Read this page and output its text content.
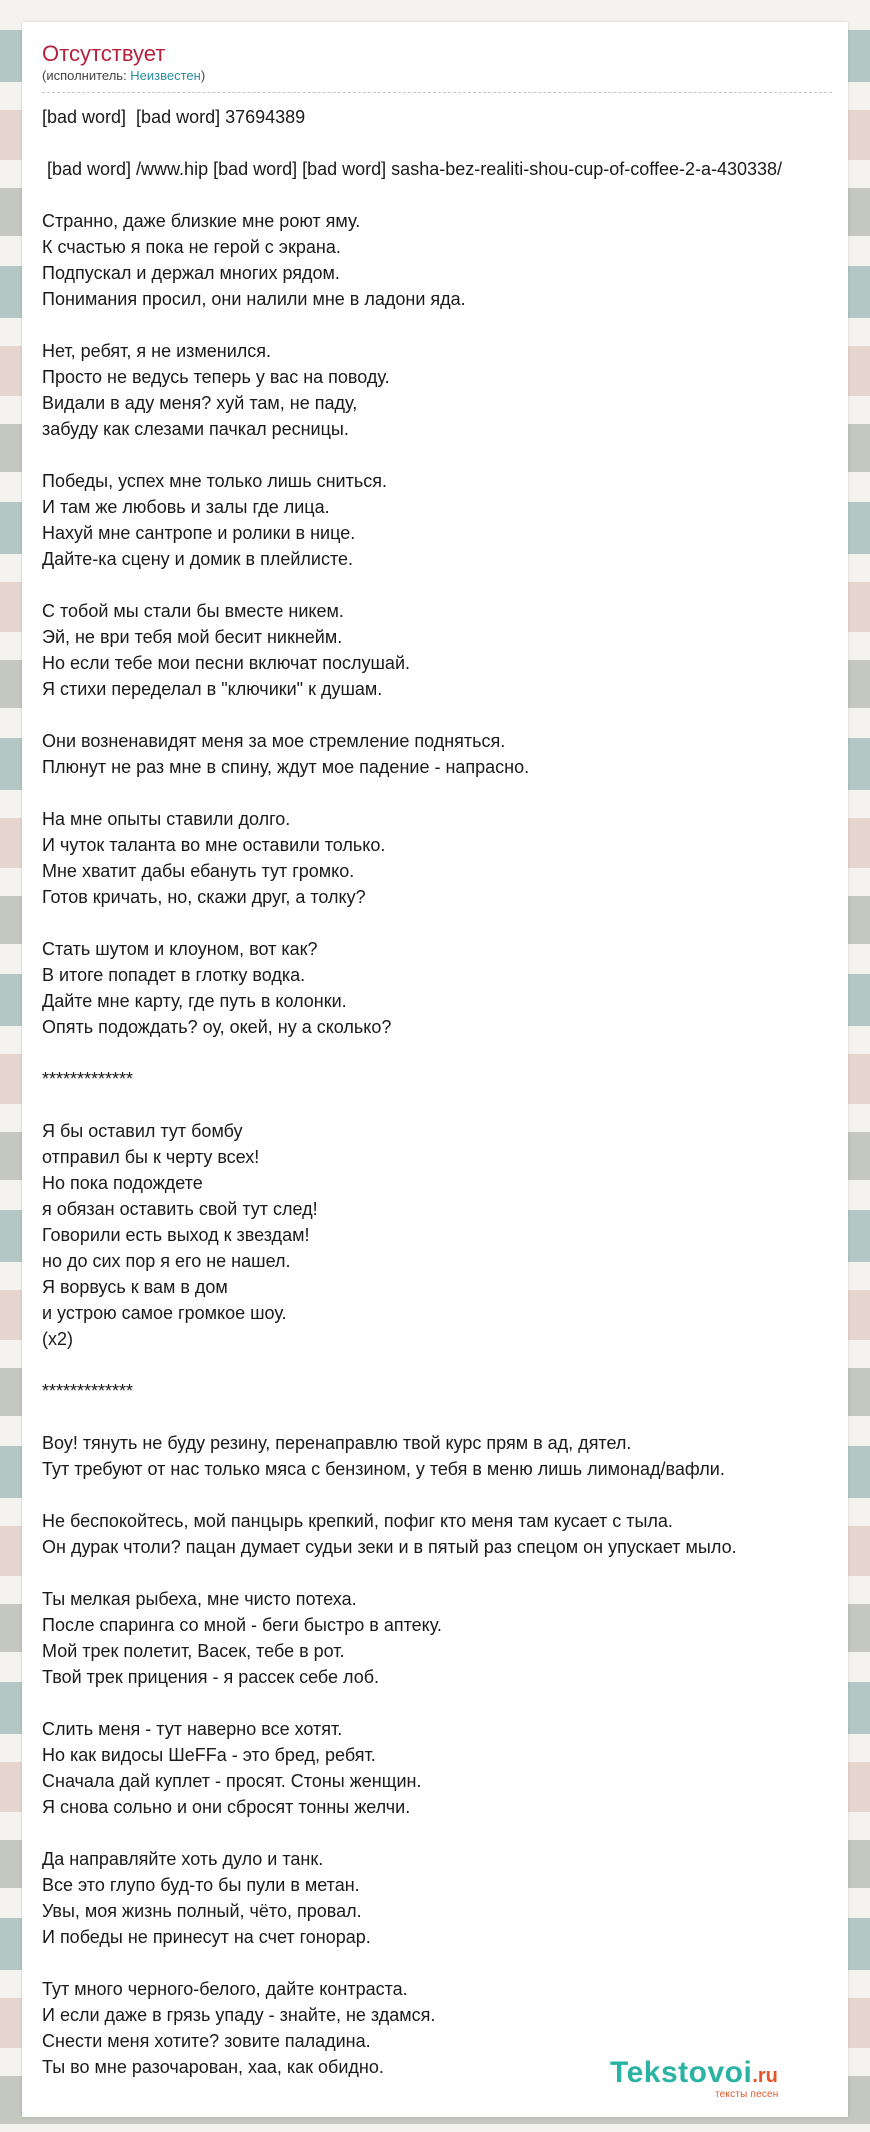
Отсутствует
(исполнитель: Неизвестен)
[bad word]  [bad word] 37694389
[bad word] /www.hip [bad word] [bad word] sasha-bez-realiti-shou-cup-of-coffee-2-a-430338/
Странно, даже близкие мне роют яму.
К счастью я пока не герой с экрана.
Подпускал и держал многих рядом.
Понимания просил, они налили мне в ладони яда.
Нет, ребят, я не изменился.
Просто не ведусь теперь у вас на поводу.
Видали в аду меня? хуй там, не паду,
забуду как слезами пачкал ресницы.
Победы, успех мне только лишь сниться.
И там же любовь и залы где лица.
Нахуй мне сантропе и ролики в нице.
Дайте-ка сцену и домик в плейлисте.
С тобой мы стали бы вместе никем.
Эй, не ври тебя мой бесит никнейм.
Но если тебе мои песни включат послушай.
Я стихи переделал в "ключики" к душам.
Они возненавидят меня за мое стремление подняться.
Плюнут не раз мне в спину, ждут мое падение - напрасно.
На мне опыты ставили долго.
И чуток таланта во мне оставили только.
Мне хватит дабы ебануть тут громко.
Готов кричать, но, скажи друг, а толку?
Стать шутом и клоуном, вот как?
В итоге попадет в глотку водка.
Дайте мне карту, где путь в колонки.
Опять подождать? оу, окей, ну а сколько?
*************
Я бы оставил тут бомбу
отправил бы к черту всех!
Но пока подождете
я обязан оставить свой тут след!
Говорили есть выход к звездам!
но до сих пор я его не нашел.
Я ворвусь к вам в дом
и устрою самое громкое шоу.
(x2)
*************
Воу! тянуть не буду резину, перенаправлю твой курс прям в ад, дятел.
Тут требуют от нас только мяса с бензином, у тебя в меню лишь лимонад/вафли.
Не беспокойтесь, мой панцырь крепкий, пофиг кто меня там кусает с тыла.
Он дурак чтоли? пацан думает судьи зеки и в пятый раз спецом он упускает мыло.
Ты мелкая рыбеха, мне чисто потеха.
После спаринга со мной - беги быстро в аптеку.
Мой трек полетит, Васек, тебе в рот.
Твой трек прицения - я рассек себе лоб.
Слить меня - тут наверно все хотят.
Но как видосы ШеFFа - это бред, ребят.
Сначала дай куплет - просят. Стоны женщин.
Я снова сольно и они сбросят тонны желчи.
Да направляйте хоть дуло и танк.
Все это глупо буд-то бы пули в метан.
Увы, моя жизнь полный, чёто, провал.
И победы не принесут на счет гонорар.
Тут много черного-белого, дайте контраста.
И если даже в грязь упаду - знайте, не здамся.
Снести меня хотите? зовите паладина.
Ты во мне разочарован, хаа, как обидно.	Tekstovoi.ru
тексты песен
